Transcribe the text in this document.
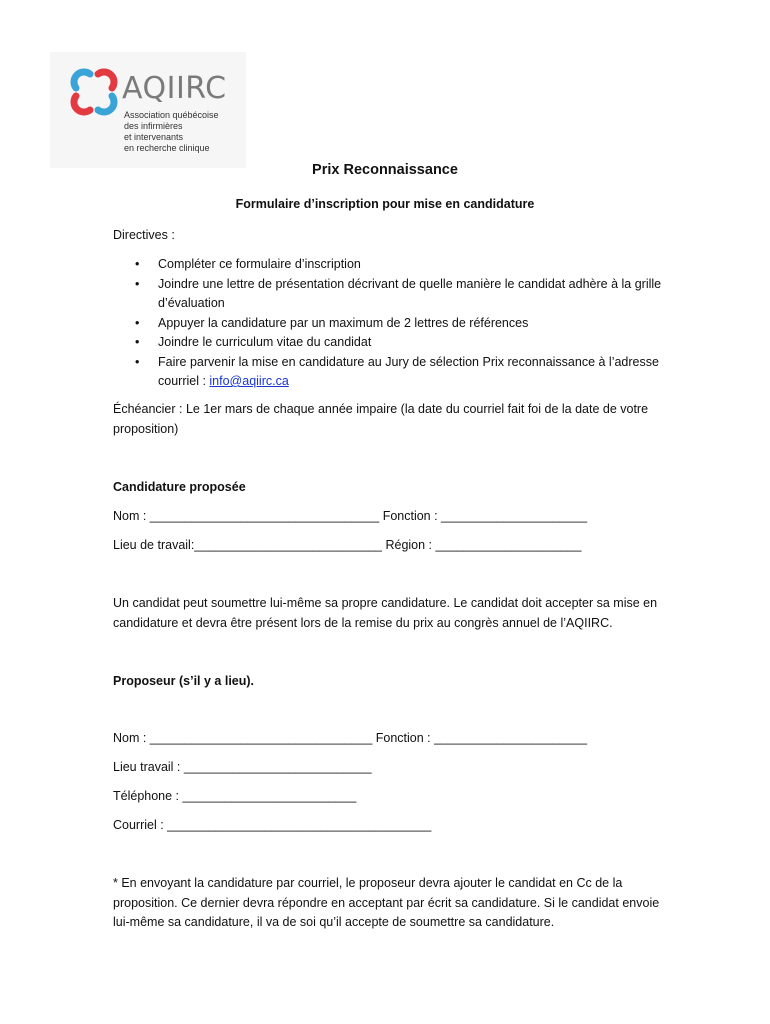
AQIIRC
Association québécoise
des infirmières
et intervenants
en recherche clinique
Prix Reconnaissance
Formulaire d’inscription pour mise en candidature
Directives :
• Compléter ce formulaire d’inscription
• Joindre une lettre de présentation décrivant de quelle manière le candidat adhère à la grille d’évaluation
• Appuyer la candidature par un maximum de 2 lettres de références
• Joindre le curriculum vitae du candidat
• Faire parvenir la mise en candidature au Jury de sélection Prix reconnaissance à l’adresse courriel : info@aqiirc.ca
Échéancier : Le 1er mars de chaque année impaire (la date du courriel fait foi de la date de votre proposition)
Candidature proposée
Nom : _________________________________ Fonction : _____________________
Lieu de travail:___________________________ Région : _____________________
Un candidat peut soumettre lui-même sa propre candidature. Le candidat doit accepter sa mise en candidature et devra être présent lors de la remise du prix au congrès annuel de l’AQIIRC.
Proposeur (s’il y a lieu).
Nom : ________________________________ Fonction : ______________________
Lieu travail : ___________________________
Téléphone : _________________________
Courriel : ______________________________________
* En envoyant la candidature par courriel, le proposeur devra ajouter le candidat en Cc de la proposition. Ce dernier devra répondre en acceptant par écrit sa candidature. Si le candidat envoie lui-même sa candidature, il va de soi qu’il accepte de soumettre sa candidature.
